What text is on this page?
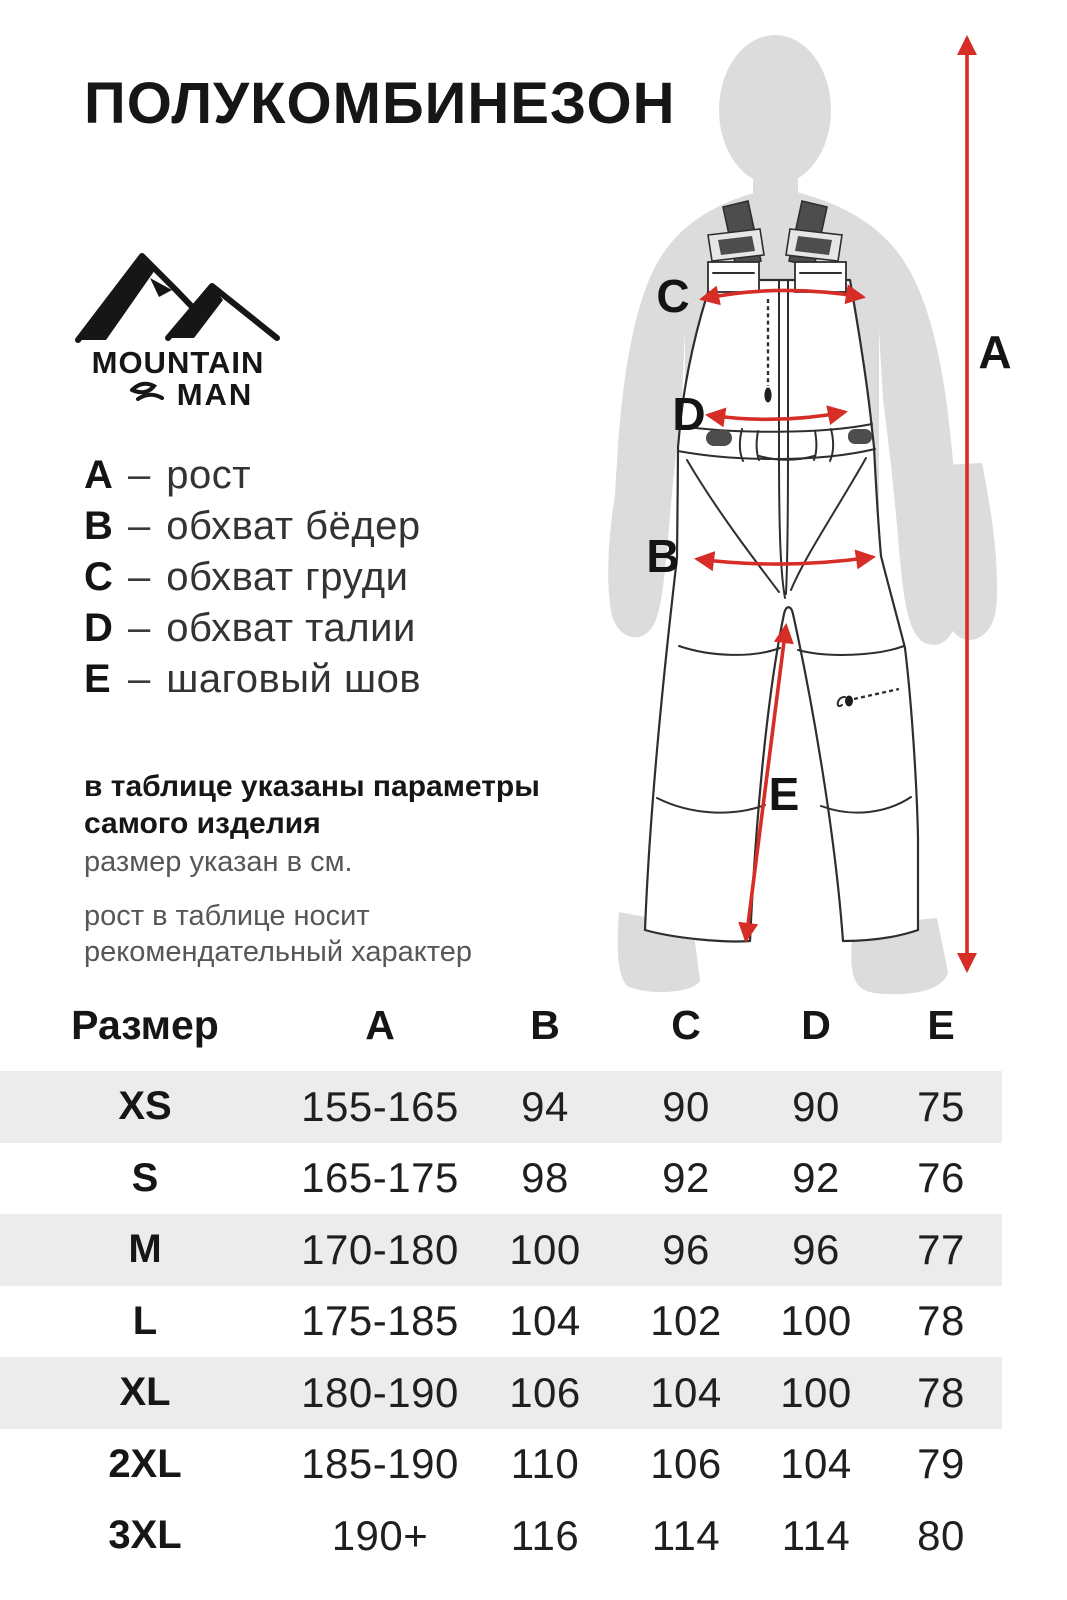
ПОЛУКОМБИНЕЗОН
MOUNTAIN
MAN
A – рост
B – обхват бёдер
C – обхват груди
D – обхват талии
E – шаговый шов

в таблице указаны параметры самого изделия

размер указан в см.

рост в таблице носит рекомендательный характер

A
B
C
D
E
Размер	A	B	C	D	E
XS	155-165	94	90	90	75
S	165-175	98	92	92	76
M	170-180	100	96	96	77
L	175-185	104	102	100	78
XL	180-190	106	104	100	78
2XL	185-190	110	106	104	79
3XL	190+	116	114	114	80
